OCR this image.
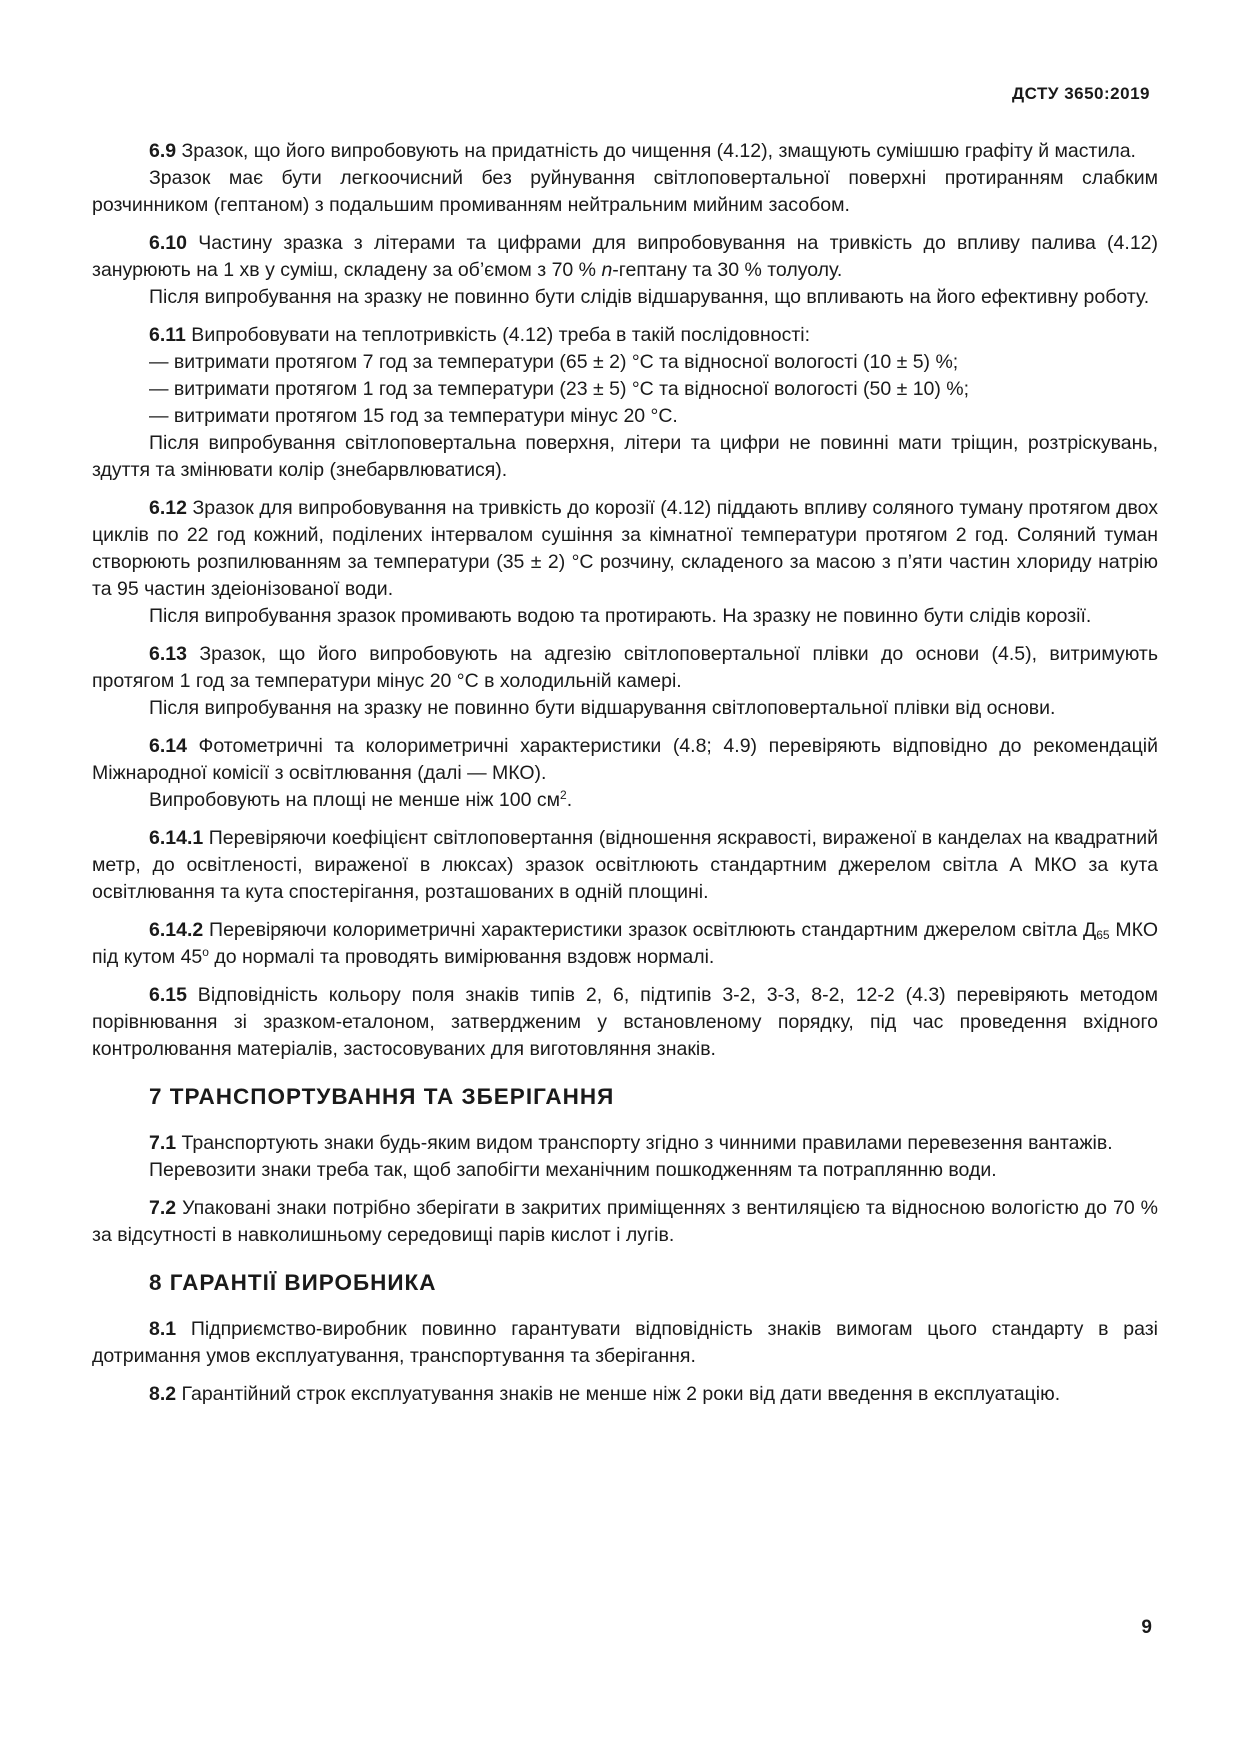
ДСТУ 3650:2019

6.9 Зразок, що його випробовують на придатність до чищення (4.12), змащують сумішшю графіту й мастила.

Зразок має бути легкоочисний без руйнування світлоповертальної поверхні протиранням слабким розчинником (гептаном) з подальшим промиванням нейтральним мийним засобом.

6.10 Частину зразка з літерами та цифрами для випробовування на тривкість до впливу палива (4.12) занурюють на 1 хв у суміш, складену за об’ємом з 70 % n-гептану та 30 % толуолу.

Після випробування на зразку не повинно бути слідів відшарування, що впливають на його ефективну роботу.

6.11 Випробовувати на теплотривкість (4.12) треба в такій послідовності:

— витримати протягом 7 год за температури (65 ± 2) °С та відносної вологості (10 ± 5) %;

— витримати протягом 1 год за температури (23 ± 5) °С та відносної вологості (50 ± 10) %;

— витримати протягом 15 год за температури мінус 20 °С.

Після випробування світлоповертальна поверхня, літери та цифри не повинні мати тріщин, розтріскувань, здуття та змінювати колір (знебарвлюватися).

6.12 Зразок для випробовування на тривкість до корозії (4.12) піддають впливу соляного туману протягом двох циклів по 22 год кожний, поділених інтервалом сушіння за кімнатної температури протягом 2 год. Соляний туман створюють розпилюванням за температури (35 ± 2) °С розчину, складеного за масою з п’яти частин хлориду натрію та 95 частин здеіонізованої води.

Після випробування зразок промивають водою та протирають. На зразку не повинно бути слідів корозії.

6.13 Зразок, що його випробовують на адгезію світлоповертальної плівки до основи (4.5), витримують протягом 1 год за температури мінус 20 °С в холодильній камері.

Після випробування на зразку не повинно бути відшарування світлоповертальної плівки від основи.

6.14 Фотометричні та колориметричні характеристики (4.8; 4.9) перевіряють відповідно до рекомендацій Міжнародної комісії з освітлювання (далі — МКО).

Випробовують на площі не менше ніж 100 $см^2$.

6.14.1 Перевіряючи коефіцієнт світлоповертання (відношення яскравості, вираженої в канделах на квадратний метр, до освітленості, вираженої в люксах) зразок освітлюють стандартним джерелом світла А МКО за кута освітлювання та кута спостерігання, розташованих в одній площині.

6.14.2 Перевіряючи колориметричні характеристики зразок освітлюють стандартним джерелом світла $Д_{65}$ МКО під кутом $45^о$ до нормалі та проводять вимірювання вздовж нормалі.

6.15 Відповідність кольору поля знаків типів 2, 6, підтипів 3-2, 3-3, 8-2, 12-2 (4.3) перевіряють методом порівнювання зі зразком-еталоном, затвердженим у встановленому порядку, під час проведення вхідного контролювання матеріалів, застосовуваних для виготовляння знаків.

7 ТРАНСПОРТУВАННЯ ТА ЗБЕРІГАННЯ

7.1 Транспортують знаки будь-яким видом транспорту згідно з чинними правилами перевезення вантажів.

Перевозити знаки треба так, щоб запобігти механічним пошкодженням та потраплянню води.

7.2 Упаковані знаки потрібно зберігати в закритих приміщеннях з вентиляцією та відносною вологістю до 70 % за відсутності в навколишньому середовищі парів кислот і лугів.

8 ГАРАНТІЇ ВИРОБНИКА

8.1 Підприємство-виробник повинно гарантувати відповідність знаків вимогам цього стандарту в разі дотримання умов експлуатування, транспортування та зберігання.

8.2 Гарантійний строк експлуатування знаків не менше ніж 2 роки від дати введення в експлуатацію.

9
